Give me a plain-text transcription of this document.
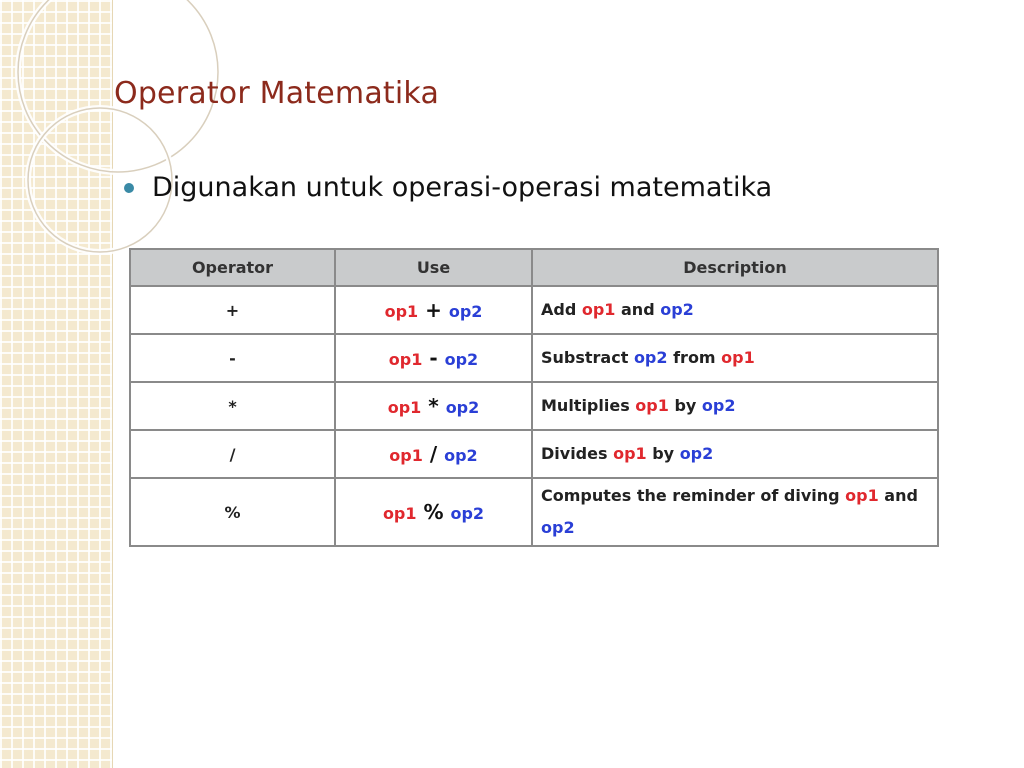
Operator Matematika
Digunakan untuk operasi-operasi matematika
Operator	Use	Description
+	op1 + op2	Add op1 and op2
-	op1 - op2	Substract op2 from op1
*	op1 * op2	Multiplies op1 by op2
/	op1 / op2	Divides op1 by op2
%	op1 % op2	Computes the reminder of diving op1 and op2
